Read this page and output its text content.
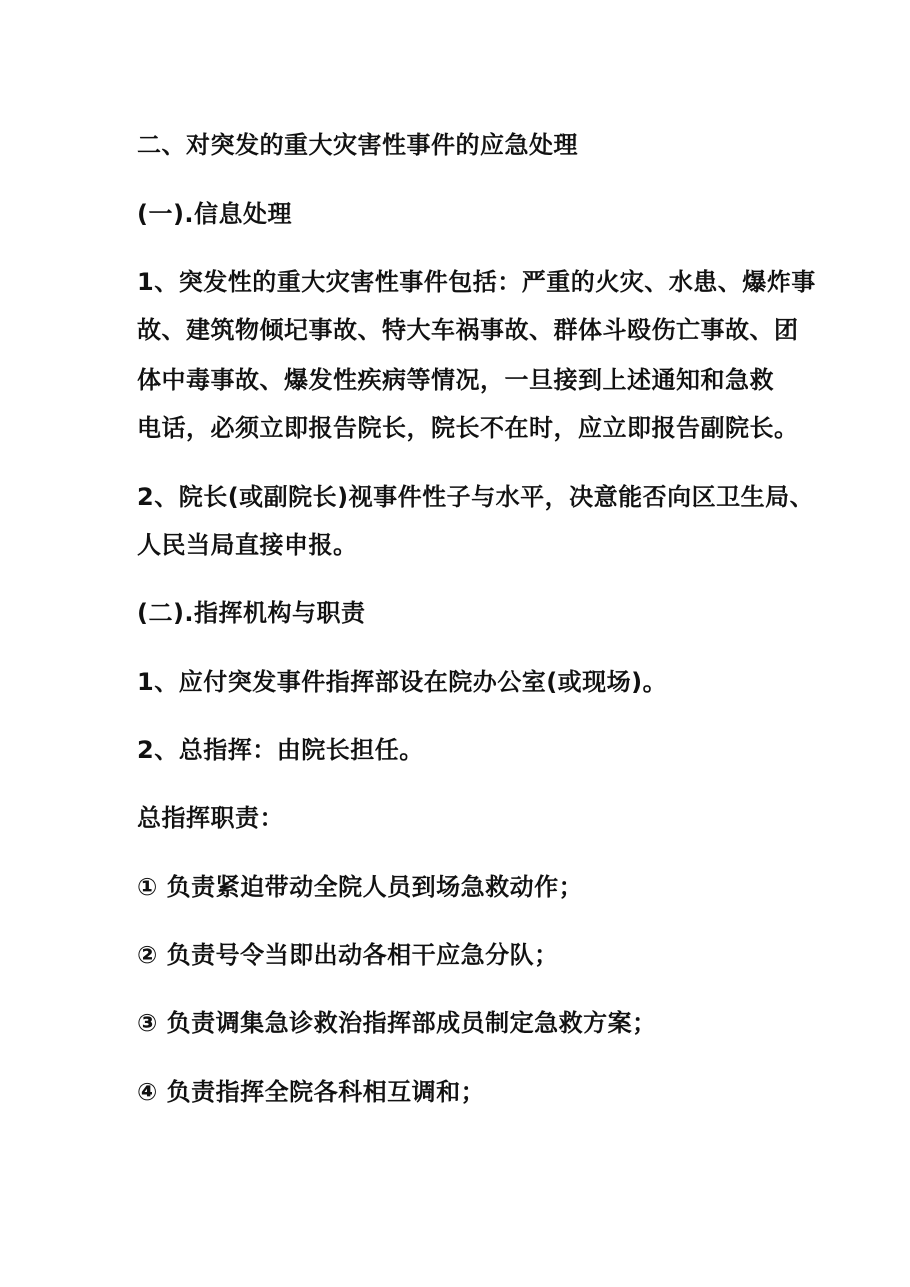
二、对突发的重大灾害性事件的应急处理
(一).信息处理
1、突发性的重大灾害性事件包括：严重的火灾、水患、爆炸事
故、建筑物倾圮事故、特大车祸事故、群体斗殴伤亡事故、团
体中毒事故、爆发性疾病等情况，一旦接到上述通知和急救
电话，必须立即报告院长，院长不在时，应立即报告副院长。
2、院长(或副院长)视事件性子与水平，决意能否向区卫生局、
人民当局直接申报。
(二).指挥机构与职责
1、应付突发事件指挥部设在院办公室(或现场)。
2、总指挥：由院长担任。
总指挥职责：
① 负责紧迫带动全院人员到场急救动作；
② 负责号令当即出动各相干应急分队；
③ 负责调集急诊救治指挥部成员制定急救方案；
④ 负责指挥全院各科相互调和；
